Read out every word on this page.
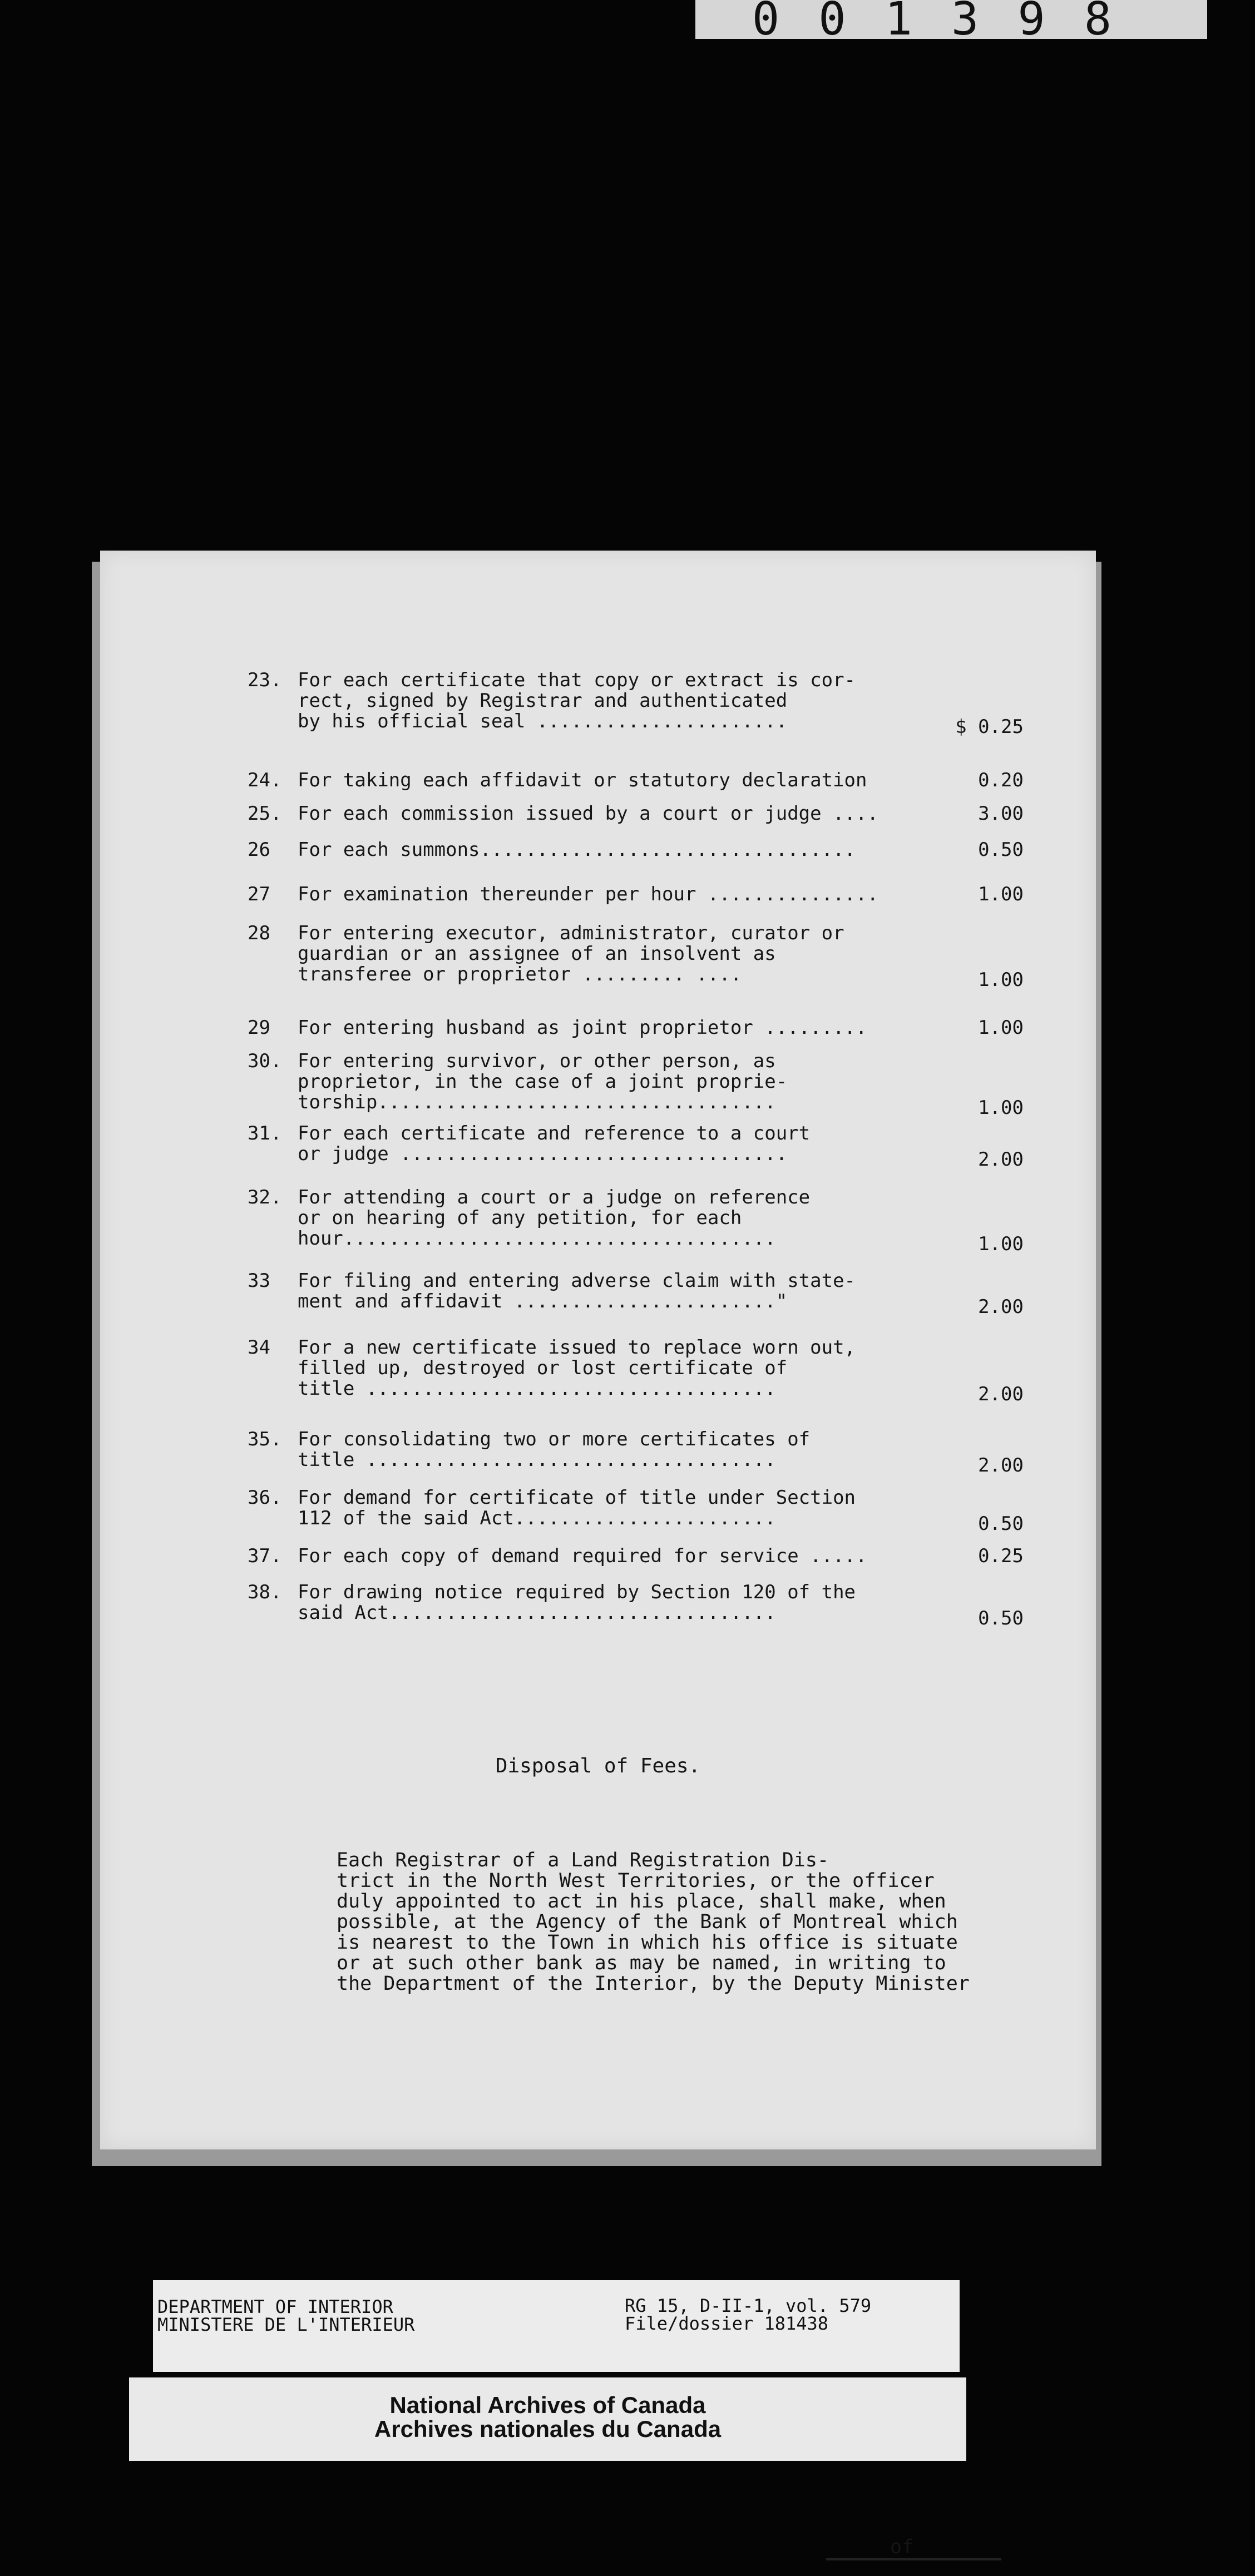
001398
23. For each certificate that copy or extract is cor-
rect, signed by Registrar and authenticated
by his official seal ......................	$ 0.25
24. For taking each affidavit or statutory declaration	0.20
25. For each commission issued by a court or judge ....	3.00
26	For each summons.................................	0.50
27	For examination thereunder per hour ...............	1.00
28	For entering executor, administrator, curator or
guardian or an assignee of an insolvent as
transferee or proprietor ......... ....	1.00
29	For entering husband as joint proprietor .........	1.00
30. For entering survivor, or other person, as
proprietor, in the case of a joint proprie-
torship...................................	1.00
31. For each certificate and reference to a court
or judge ..................................	2.00
32. For attending a court or a judge on reference
or on hearing of any petition, for each
hour......................................	1.00
33	For filing and entering adverse claim with state-
ment and affidavit ......................."	2.00
34	For a new certificate issued to replace worn out,
filled up, destroyed or lost certificate of
title ....................................	2.00
35. For consolidating two or more certificates of
title ....................................	2.00
36. For demand for certificate of title under Section
112 of the said Act.......................	0.50
37. For each copy of demand required for service .....	0.25
38. For drawing notice required by Section 120 of the
said Act..................................	0.50
Disposal of Fees.

Each Registrar of a Land Registration Dis-
trict in the North West Territories, or the officer
duly appointed to act in his place, shall make, when
possible, at the Agency of the Bank of Montreal which
is nearest to the Town in which his office is situate
or at such other bank as may be named, in writing to
the Department of the Interior, by the Deputy Minister

of
DEPARTMENT OF INTERIOR
MINISTERE DE L'INTERIEUR
RG 15, D-II-1, vol. 579
File/dossier 181438
National Archives of Canada
Archives nationales du Canada
